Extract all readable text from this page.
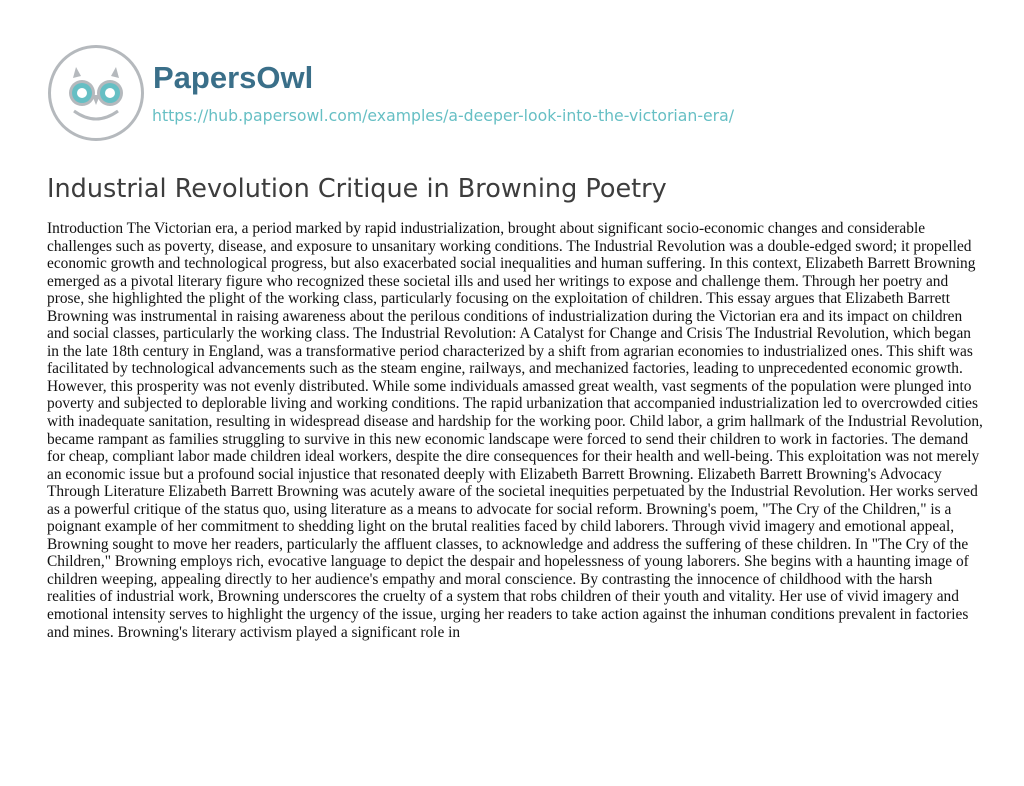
PapersOwl
https://hub.papersowl.com/examples/a-deeper-look-into-the-victorian-era/
Industrial Revolution Critique in Browning Poetry

Introduction The Victorian era, a period marked by rapid industrialization, brought about significant socio-economic changes and considerable challenges such as poverty, disease, and exposure to unsanitary working conditions. The Industrial Revolution was a double-edged sword; it propelled economic growth and technological progress, but also exacerbated social inequalities and human suffering. In this context, Elizabeth Barrett Browning emerged as a pivotal literary figure who recognized these societal ills and used her writings to expose and challenge them. Through her poetry and prose, she highlighted the plight of the working class, particularly focusing on the exploitation of children. This essay argues that Elizabeth Barrett Browning was instrumental in raising awareness about the perilous conditions of industrialization during the Victorian era and its impact on children and social classes, particularly the working class. The Industrial Revolution: A Catalyst for Change and Crisis The Industrial Revolution, which began in the late 18th century in England, was a transformative period characterized by a shift from agrarian economies to industrialized ones. This shift was facilitated by technological advancements such as the steam engine, railways, and mechanized factories, leading to unprecedented economic growth. However, this prosperity was not evenly distributed. While some individuals amassed great wealth, vast segments of the population were plunged into poverty and subjected to deplorable living and working conditions. The rapid urbanization that accompanied industrialization led to overcrowded cities with inadequate sanitation, resulting in widespread disease and hardship for the working poor. Child labor, a grim hallmark of the Industrial Revolution, became rampant as families struggling to survive in this new economic landscape were forced to send their children to work in factories. The demand for cheap, compliant labor made children ideal workers, despite the dire consequences for their health and well-being. This exploitation was not merely an economic issue but a profound social injustice that resonated deeply with Elizabeth Barrett Browning. Elizabeth Barrett Browning's Advocacy Through Literature Elizabeth Barrett Browning was acutely aware of the societal inequities perpetuated by the Industrial Revolution. Her works served as a powerful critique of the status quo, using literature as a means to advocate for social reform. Browning's poem, "The Cry of the Children," is a poignant example of her commitment to shedding light on the brutal realities faced by child laborers. Through vivid imagery and emotional appeal, Browning sought to move her readers, particularly the affluent classes, to acknowledge and address the suffering of these children. In "The Cry of the Children," Browning employs rich, evocative language to depict the despair and hopelessness of young laborers. She begins with a haunting image of children weeping, appealing directly to her audience's empathy and moral conscience. By contrasting the innocence of childhood with the harsh realities of industrial work, Browning underscores the cruelty of a system that robs children of their youth and vitality. Her use of vivid imagery and emotional intensity serves to highlight the urgency of the issue, urging her readers to take action against the inhuman conditions prevalent in factories and mines. Browning's literary activism played a significant role in
